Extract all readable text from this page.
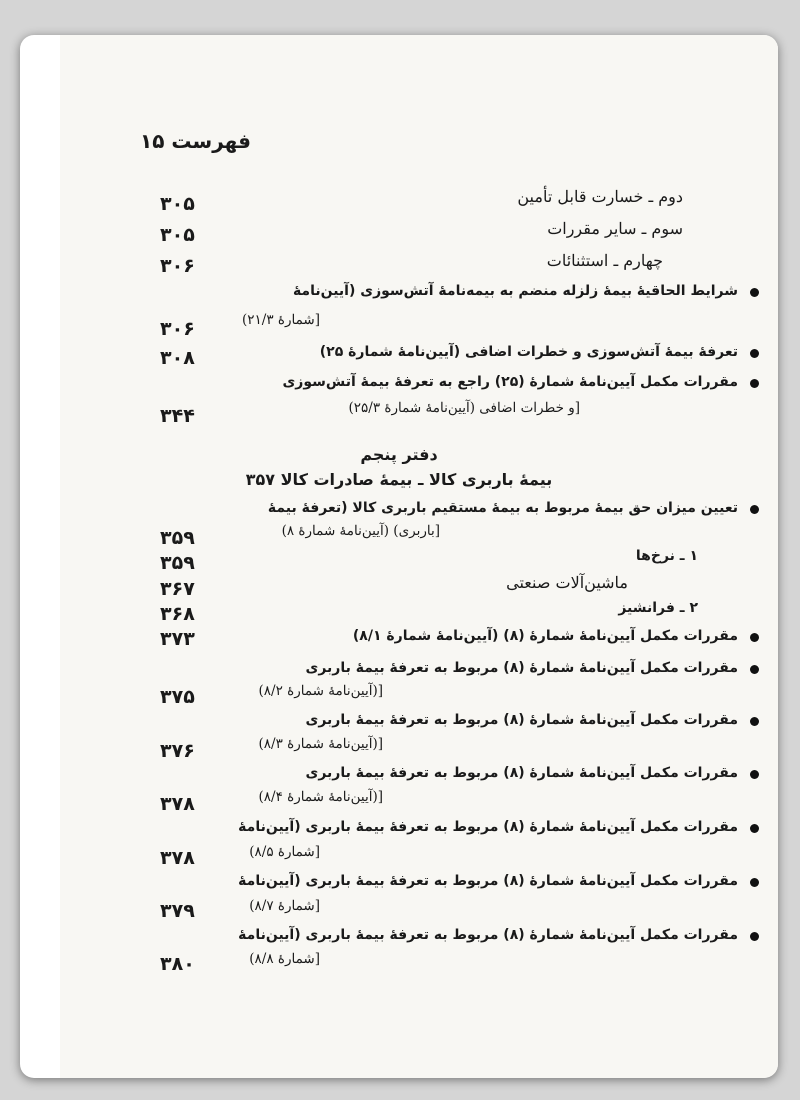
فهرست ۱۵
۳۰۵	دوم ـ خسارت قابل تأمین
۳۰۵	سوم ـ سایر مقررات
۳۰۶	چهارم ـ استثنائات
شرایط الحاقیهٔ بیمهٔ زلزله منضم به بیمه‌نامهٔ آتش‌سوزی (آیین‌نامهٔ
۳۰۶	[شمارهٔ ۲۱/۳)
۳۰۸	تعرفهٔ بیمهٔ آتش‌سوزی و خطرات اضافی (آیین‌نامهٔ شمارهٔ ۲۵)
مقررات مکمل آیین‌نامهٔ شمارهٔ (۲۵) راجع به تعرفهٔ بیمهٔ آتش‌سوزی
۳۴۴	[و خطرات اضافی (آیین‌نامهٔ شمارهٔ ۲۵/۳)
دفتر پنجم
بیمهٔ باربری کالا ـ بیمهٔ صادرات کالا ۳۵۷
تعیین میزان حق بیمهٔ مربوط به بیمهٔ مستقیم باربری کالا (تعرفهٔ بیمهٔ
۳۵۹	[باربری) (آیین‌نامهٔ شمارهٔ ۸)
۳۵۹	۱ ـ نرخ‌ها
۳۶۷	ماشین‌آلات صنعتی
۳۶۸	۲ ـ فرانشیز
۳۷۳	مقررات مکمل آیین‌نامهٔ شمارهٔ (۸) (آیین‌نامهٔ شمارهٔ ۸/۱)
مقررات مکمل آیین‌نامهٔ شمارهٔ (۸) مربوط به تعرفهٔ بیمهٔ باربری
۳۷۵	[(آیین‌نامهٔ شمارهٔ ۸/۲)
مقررات مکمل آیین‌نامهٔ شمارهٔ (۸) مربوط به تعرفهٔ بیمهٔ باربری
۳۷۶	[(آیین‌نامهٔ شمارهٔ ۸/۳)
مقررات مکمل آیین‌نامهٔ شمارهٔ (۸) مربوط به تعرفهٔ بیمهٔ باربری
۳۷۸	[(آیین‌نامهٔ شمارهٔ ۸/۴)
مقررات مکمل آیین‌نامهٔ شمارهٔ (۸) مربوط به تعرفهٔ بیمهٔ باربری (آیین‌نامهٔ
۳۷۸	[شمارهٔ ۸/۵)
مقررات مکمل آیین‌نامهٔ شمارهٔ (۸) مربوط به تعرفهٔ بیمهٔ باربری (آیین‌نامهٔ
۳۷۹	[شمارهٔ ۸/۷)
مقررات مکمل آیین‌نامهٔ شمارهٔ (۸) مربوط به تعرفهٔ بیمهٔ باربری (آیین‌نامهٔ
۳۸۰	[شمارهٔ ۸/۸)
